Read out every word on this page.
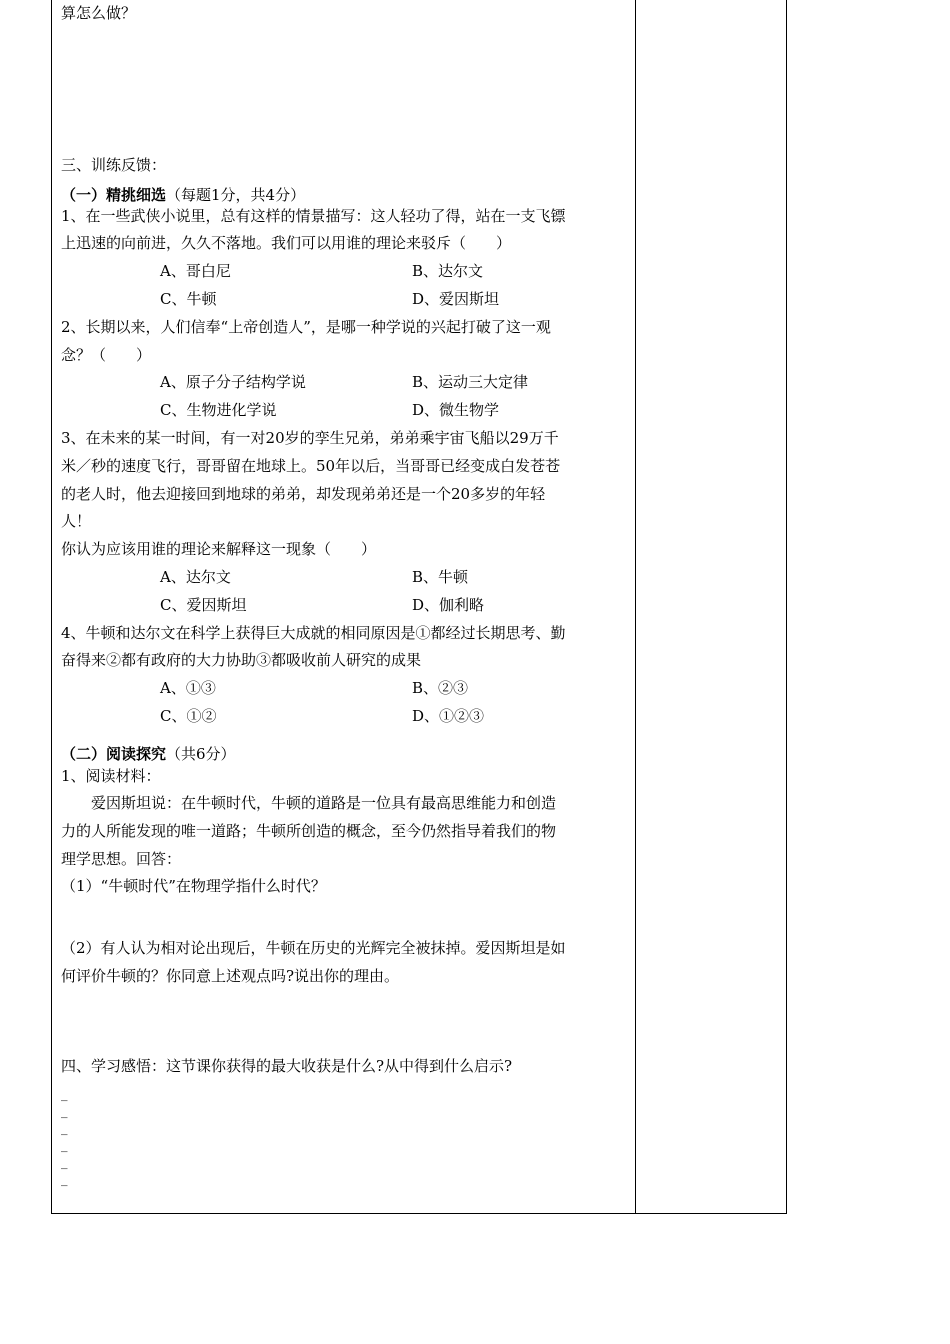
算怎么做？
三、训练反馈：
（一）精挑细选（每题1分，共4分）
1、在一些武侠小说里，总有这样的情景描写：这人轻功了得，站在一支飞镖
上迅速的向前进，久久不落地。我们可以用谁的理论来驳斥（　　）
A、哥白尼	B、达尔文
C、牛顿	D、爱因斯坦
2、长期以来，人们信奉“上帝创造人”，是哪一种学说的兴起打破了这一观
念？（　　）
A、原子分子结构学说	B、运动三大定律
C、生物进化学说	D、微生物学
3、在未来的某一时间，有一对20岁的孪生兄弟，弟弟乘宇宙飞船以29万千
米／秒的速度飞行，哥哥留在地球上。50年以后，当哥哥已经变成白发苍苍
的老人时，他去迎接回到地球的弟弟，却发现弟弟还是一个20多岁的年轻
人！
你认为应该用谁的理论来解释这一现象（　　）
A、达尔文	B、牛顿
C、爱因斯坦	D、伽利略
4、牛顿和达尔文在科学上获得巨大成就的相同原因是①都经过长期思考、勤
奋得来②都有政府的大力协助③都吸收前人研究的成果
A、①③	B、②③
C、①②	D、①②③
（二）阅读探究（共6分）
1、阅读材料：
　　爱因斯坦说：在牛顿时代，牛顿的道路是一位具有最高思维能力和创造
力的人所能发现的唯一道路；牛顿所创造的概念，至今仍然指导着我们的物
理学思想。回答：
（1）“牛顿时代”在物理学指什么时代？
（2）有人认为相对论出现后，牛顿在历史的光辉完全被抹掉。爱因斯坦是如
何评价牛顿的？你同意上述观点吗?说出你的理由。
四、学习感悟：这节课你获得的最大收获是什么?从中得到什么启示?
_
_
_
_
_
_
